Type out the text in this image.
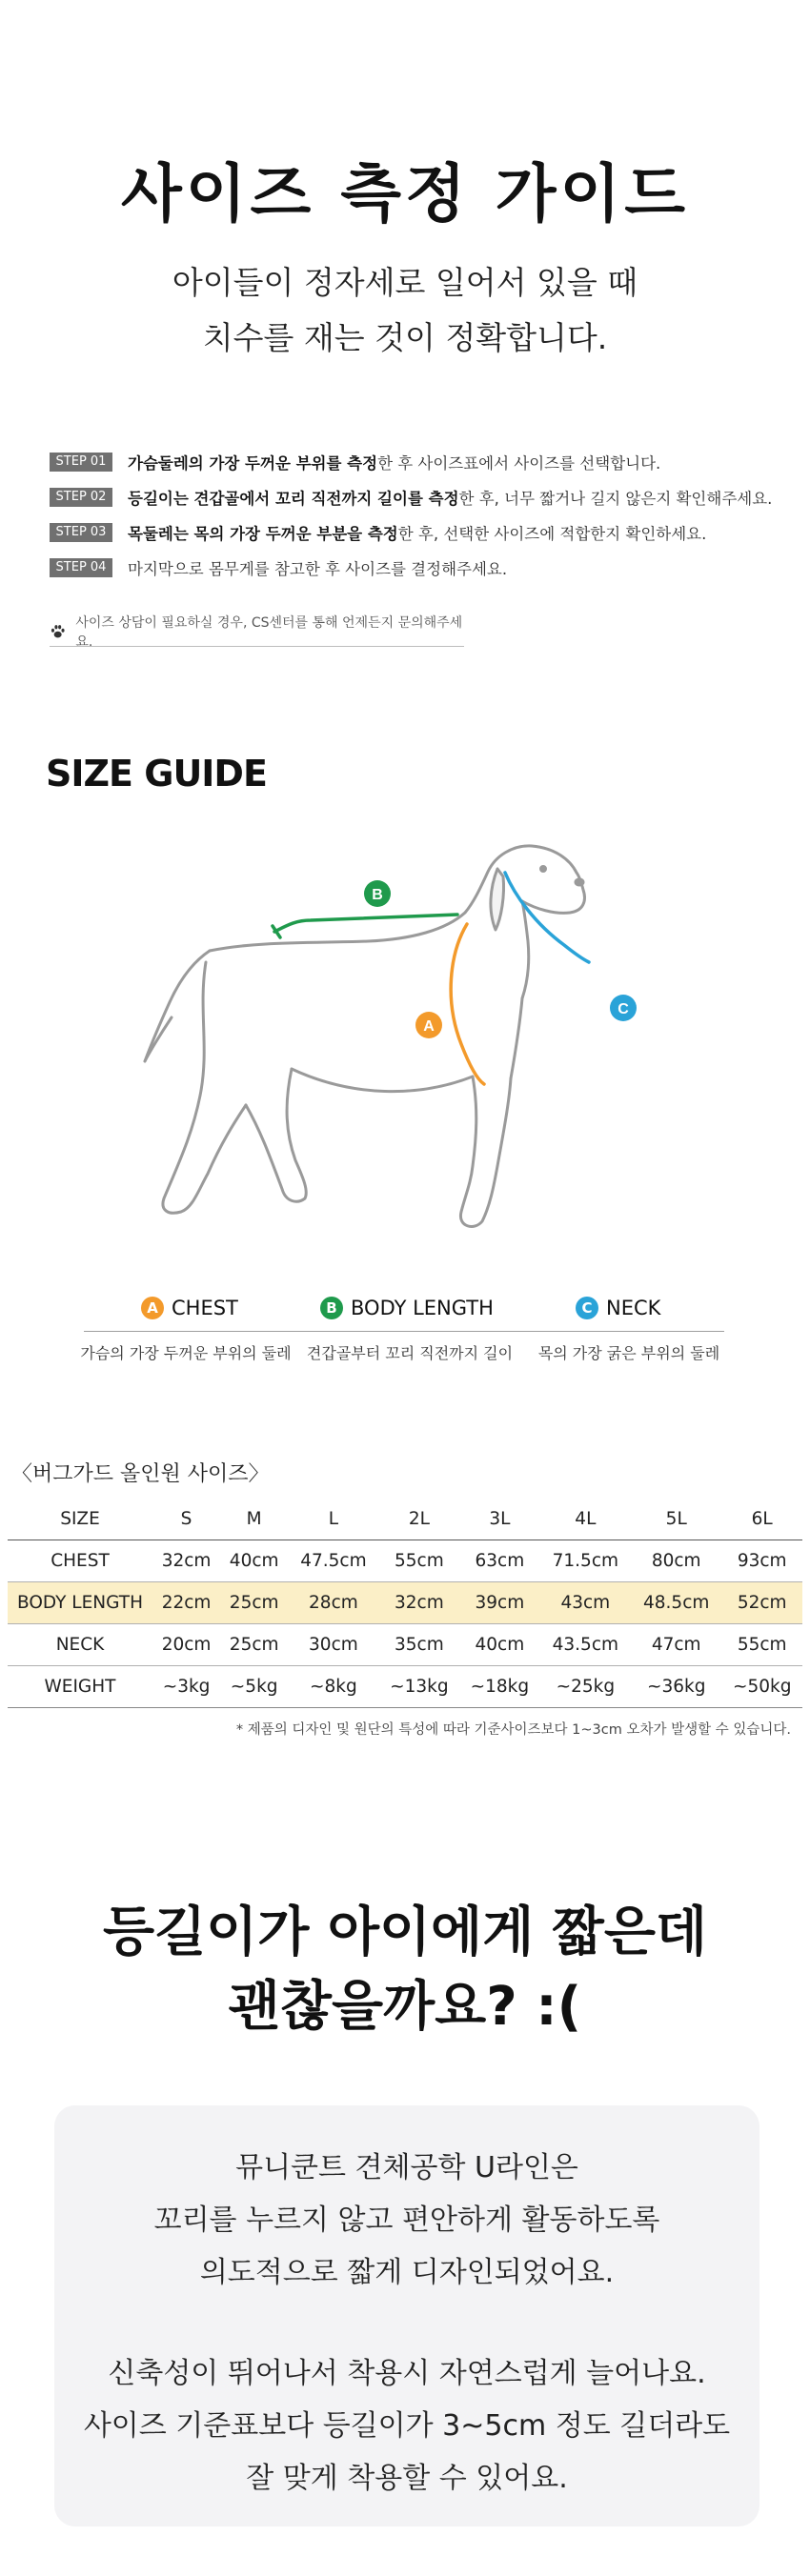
사이즈 측정 가이드
아이들이 정자세로 일어서 있을 때
치수를 재는 것이 정확합니다.
STEP 01	가슴둘레의 가장 두꺼운 부위를 측정한 후 사이즈표에서 사이즈를 선택합니다.
STEP 02	등길이는 견갑골에서 꼬리 직전까지 길이를 측정한 후, 너무 짧거나 길지 않은지 확인해주세요.
STEP 03	목둘레는 목의 가장 두꺼운 부분을 측정한 후, 선택한 사이즈에 적합한지 확인하세요.
STEP 04	마지막으로 몸무게를 참고한 후 사이즈를 결정해주세요.
사이즈 상담이 필요하실 경우, CS센터를 통해 언제든지 문의해주세요.
SIZE GUIDE
B
A
C
A CHEST	B BODY LENGTH	C NECK
가슴의 가장 두꺼운 부위의 둘레	견갑골부터 꼬리 직전까지 길이	목의 가장 굵은 부위의 둘레
〈버그가드 올인원 사이즈〉
SIZE	S	M	L	2L	3L	4L	5L	6L
CHEST	32cm	40cm	47.5cm	55cm	63cm	71.5cm	80cm	93cm
BODY LENGTH	22cm	25cm	28cm	32cm	39cm	43cm	48.5cm	52cm
NECK	20cm	25cm	30cm	35cm	40cm	43.5cm	47cm	55cm
WEIGHT	~3kg	~5kg	~8kg	~13kg	~18kg	~25kg	~36kg	~50kg
* 제품의 디자인 및 원단의 특성에 따라 기준사이즈보다 1~3cm 오차가 발생할 수 있습니다.
등길이가 아이에게 짧은데
괜찮을까요? :(
뮤니쿤트 견체공학 U라인은
꼬리를 누르지 않고 편안하게 활동하도록
의도적으로 짧게 디자인되었어요.
신축성이 뛰어나서 착용시 자연스럽게 늘어나요.
사이즈 기준표보다 등길이가 3~5cm 정도 길더라도
잘 맞게 착용할 수 있어요.
